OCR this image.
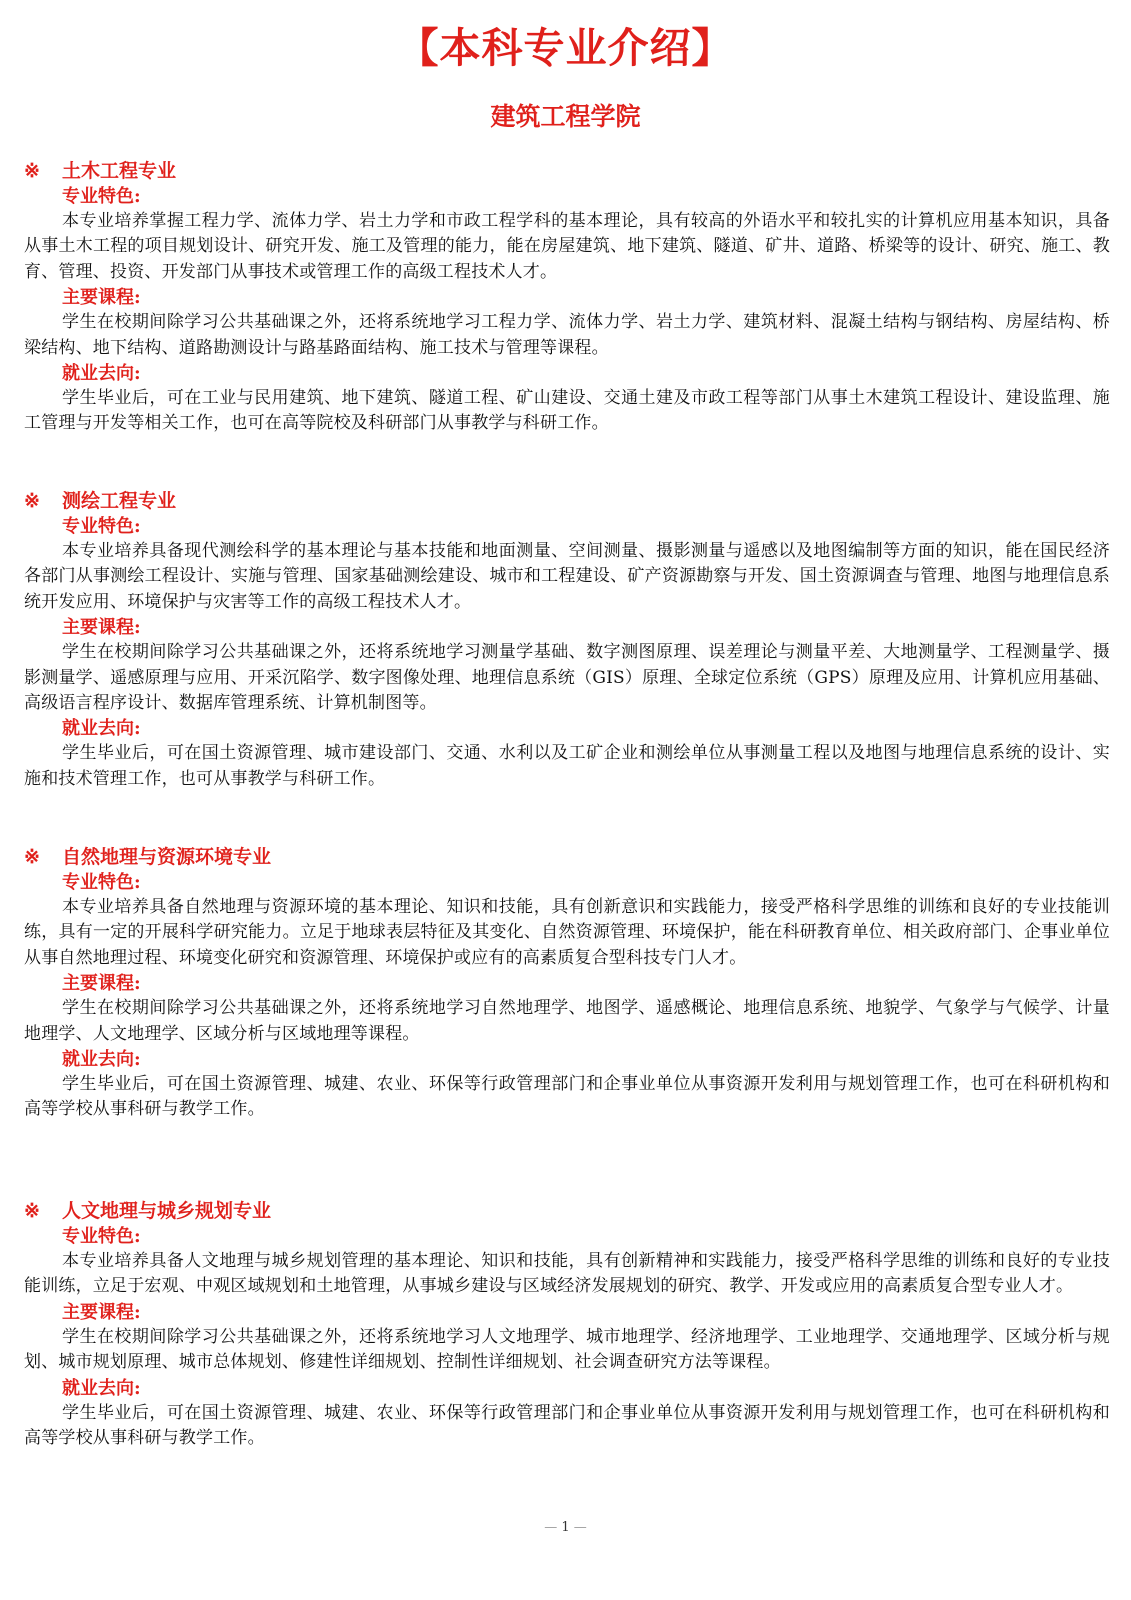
【本科专业介绍】
建筑工程学院
※ 土木工程专业
专业特色:

本专业培养掌握工程力学、流体力学、岩土力学和市政工程学科的基本理论，具有较高的外语水平和较扎实的计算机应用基本知识，具备从事土木工程的项目规划设计、研究开发、施工及管理的能力，能在房屋建筑、地下建筑、隧道、矿井、道路、桥梁等的设计、研究、施工、教育、管理、投资、开发部门从事技术或管理工作的高级工程技术人才。

主要课程:

学生在校期间除学习公共基础课之外，还将系统地学习工程力学、流体力学、岩土力学、建筑材料、混凝土结构与钢结构、房屋结构、桥梁结构、地下结构、道路勘测设计与路基路面结构、施工技术与管理等课程。

就业去向:

学生毕业后，可在工业与民用建筑、地下建筑、隧道工程、矿山建设、交通土建及市政工程等部门从事土木建筑工程设计、建设监理、施工管理与开发等相关工作，也可在高等院校及科研部门从事教学与科研工作。

※ 测绘工程专业
专业特色:

本专业培养具备现代测绘科学的基本理论与基本技能和地面测量、空间测量、摄影测量与遥感以及地图编制等方面的知识，能在国民经济各部门从事测绘工程设计、实施与管理、国家基础测绘建设、城市和工程建设、矿产资源勘察与开发、国土资源调查与管理、地图与地理信息系统开发应用、环境保护与灾害等工作的高级工程技术人才。

主要课程:

学生在校期间除学习公共基础课之外，还将系统地学习测量学基础、数字测图原理、误差理论与测量平差、大地测量学、工程测量学、摄影测量学、遥感原理与应用、开采沉陷学、数字图像处理、地理信息系统（GIS）原理、全球定位系统（GPS）原理及应用、计算机应用基础、高级语言程序设计、数据库管理系统、计算机制图等。

就业去向:

学生毕业后，可在国土资源管理、城市建设部门、交通、水利以及工矿企业和测绘单位从事测量工程以及地图与地理信息系统的设计、实施和技术管理工作，也可从事教学与科研工作。

※ 自然地理与资源环境专业
专业特色:

本专业培养具备自然地理与资源环境的基本理论、知识和技能，具有创新意识和实践能力，接受严格科学思维的训练和良好的专业技能训练，具有一定的开展科学研究能力。立足于地球表层特征及其变化、自然资源管理、环境保护，能在科研教育单位、相关政府部门、企事业单位从事自然地理过程、环境变化研究和资源管理、环境保护或应有的高素质复合型科技专门人才。

主要课程:

学生在校期间除学习公共基础课之外，还将系统地学习自然地理学、地图学、遥感概论、地理信息系统、地貌学、气象学与气候学、计量地理学、人文地理学、区域分析与区域地理等课程。

就业去向:

学生毕业后，可在国土资源管理、城建、农业、环保等行政管理部门和企事业单位从事资源开发利用与规划管理工作，也可在科研机构和高等学校从事科研与教学工作。

※ 人文地理与城乡规划专业
专业特色:

本专业培养具备人文地理与城乡规划管理的基本理论、知识和技能，具有创新精神和实践能力，接受严格科学思维的训练和良好的专业技能训练，立足于宏观、中观区域规划和土地管理，从事城乡建设与区域经济发展规划的研究、教学、开发或应用的高素质复合型专业人才。

主要课程:

学生在校期间除学习公共基础课之外，还将系统地学习人文地理学、城市地理学、经济地理学、工业地理学、交通地理学、区域分析与规划、城市规划原理、城市总体规划、修建性详细规划、控制性详细规划、社会调查研究方法等课程。

就业去向:

学生毕业后，可在国土资源管理、城建、农业、环保等行政管理部门和企事业单位从事资源开发利用与规划管理工作，也可在科研机构和高等学校从事科研与教学工作。

— 1 —
